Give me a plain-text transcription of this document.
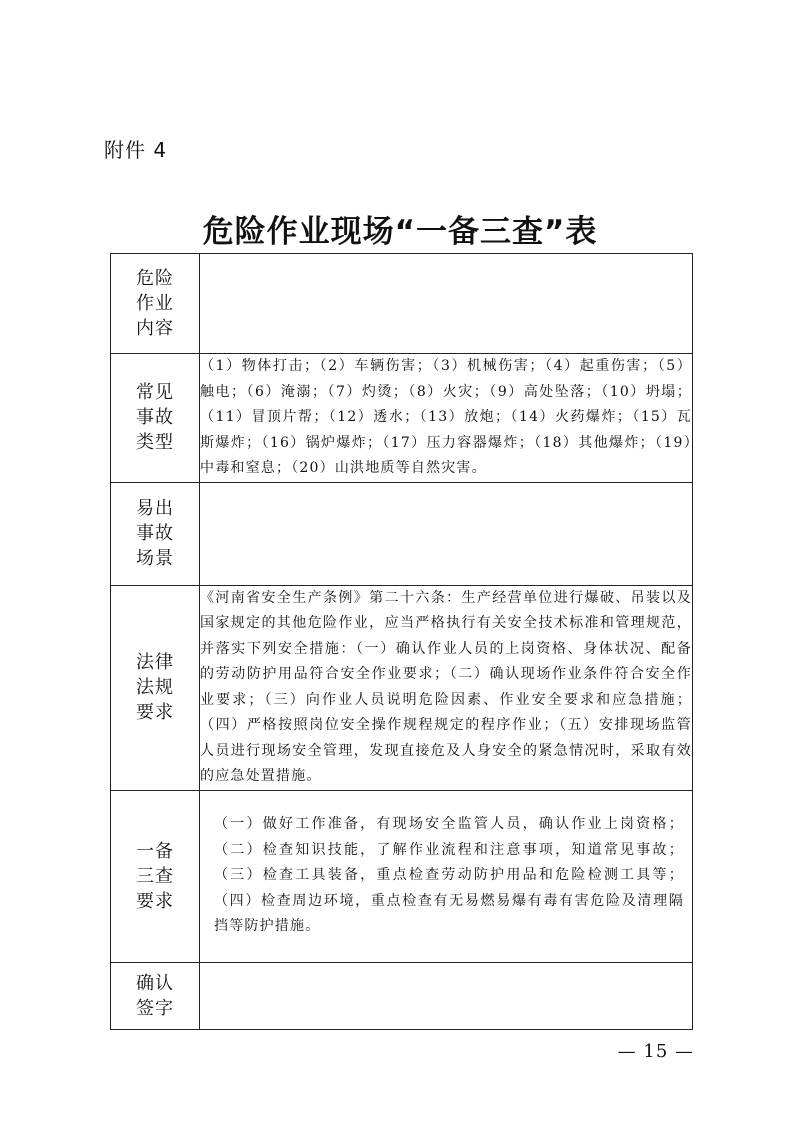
附件 4
危险作业现场“一备三查”表
危险作业内容	
常见事故类型	（1）物体打击；（2）车辆伤害；（3）机械伤害；（4）起重伤害；（5）触电；（6）淹溺；（7）灼烫；（8）火灾；（9）高处坠落；（10）坍塌；（11）冒顶片帮；（12）透水；（13）放炮；（14）火药爆炸；（15）瓦斯爆炸；（16）锅炉爆炸；（17）压力容器爆炸；（18）其他爆炸；（19）中毒和窒息；（20）山洪地质等自然灾害。
易出事故场景	
法律法规要求	《河南省安全生产条例》第二十六条：生产经营单位进行爆破、吊装以及国家规定的其他危险作业，应当严格执行有关安全技术标准和管理规范，并落实下列安全措施：（一）确认作业人员的上岗资格、身体状况、配备的劳动防护用品符合安全作业要求；（二）确认现场作业条件符合安全作业要求；（三）向作业人员说明危险因素、作业安全要求和应急措施；（四）严格按照岗位安全操作规程规定的程序作业；（五）安排现场监管人员进行现场安全管理，发现直接危及人身安全的紧急情况时，采取有效的应急处置措施。
一备三查要求	（一）做好工作准备，有现场安全监管人员，确认作业上岗资格；（二）检查知识技能，了解作业流程和注意事项，知道常见事故；（三）检查工具装备，重点检查劳动防护用品和危险检测工具等；（四）检查周边环境，重点检查有无易燃易爆有毒有害危险及清理隔挡等防护措施。
确认签字	
— 15 —
